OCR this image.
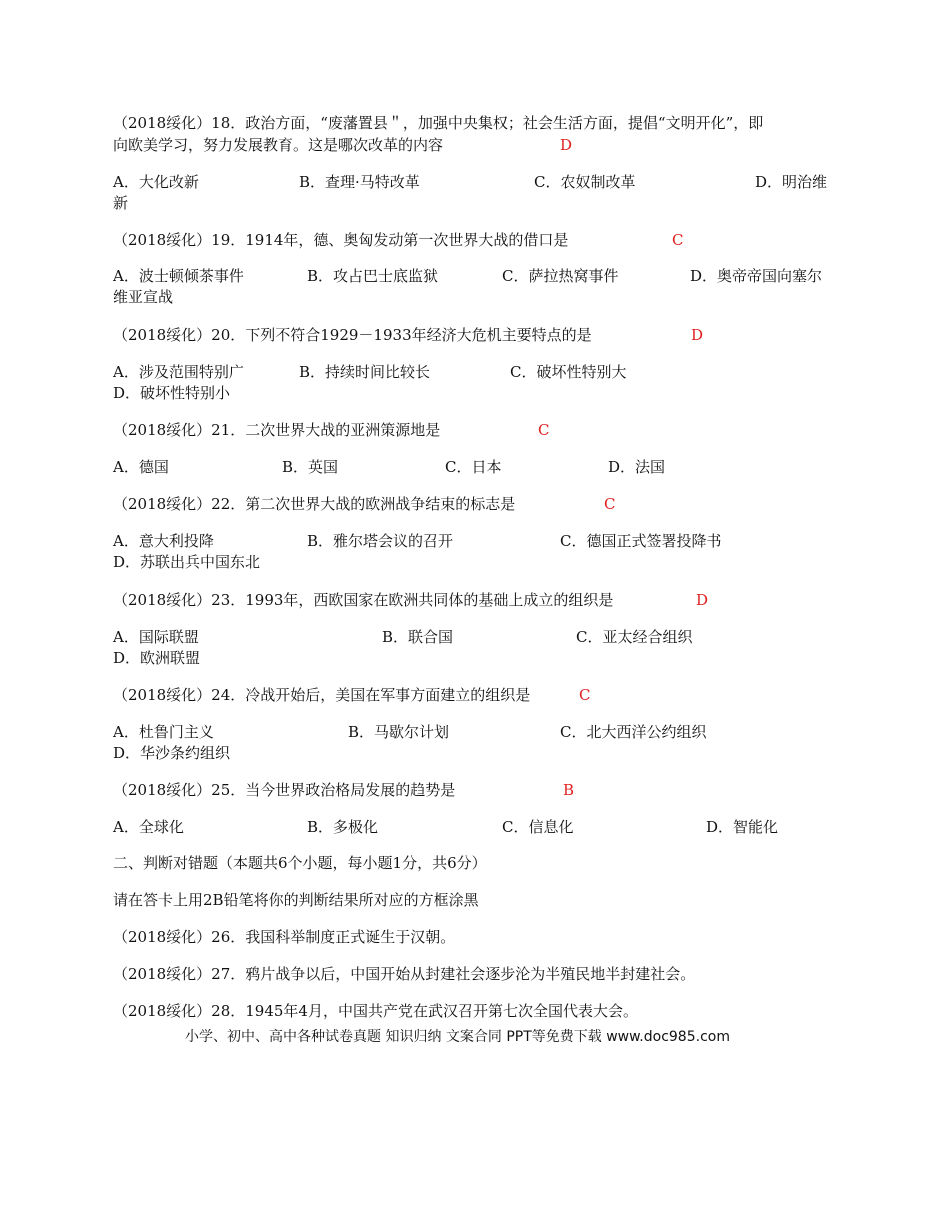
（2018绥化）18．政治方面，“废藩置县＂，加强中央集权；社会生活方面，提倡“文明开化”，即
向欧美学习，努力发展教育。这是哪次改革的内容	D
A．大化改新	B．查理·马特改革	C．农奴制改革	D．明治维
新
（2018绥化）19．1914年，德、奥匈发动第一次世界大战的借口是	C
A．波士顿倾茶事件	B．攻占巴士底监狱	C．萨拉热窝事件	D．奥帝帝国向塞尔
维亚宣战
（2018绥化）20．下列不符合1929－1933年经济大危机主要特点的是	D
A．涉及范围特别广	B．持续时间比较长	C．破坏性特别大
D．破坏性特别小
（2018绥化）21．二次世界大战的亚洲策源地是	C
A．德国	B．英国	C．日本	D．法国
（2018绥化）22．第二次世界大战的欧洲战争结束的标志是	C
A．意大利投降	B．雅尔塔会议的召开	C．德国正式签署投降书
D．苏联出兵中国东北
（2018绥化）23．1993年，西欧国家在欧洲共同体的基础上成立的组织是	D
A．国际联盟	B．联合国	C．亚太经合组织
D．欧洲联盟
（2018绥化）24．冷战开始后，美国在军事方面建立的组织是	C
A．杜鲁门主义	B．马歇尔计划	C．北大西洋公约组织
D．华沙条约组织
（2018绥化）25．当今世界政治格局发展的趋势是	B
A．全球化	B．多极化	C．信息化	D．智能化
二、判断对错题（本题共6个小题，每小题1分，共6分）
请在答卡上用2B铅笔将你的判断结果所对应的方框涂黑
（2018绥化）26．我国科举制度正式诞生于汉朝。
（2018绥化）27．鸦片战争以后，中国开始从封建社会逐步沦为半殖民地半封建社会。
（2018绥化）28．1945年4月，中国共产党在武汉召开第七次全国代表大会。
小学、初中、高中各种试卷真题 知识归纳 文案合同 PPT等免费下载 www.doc985.com
